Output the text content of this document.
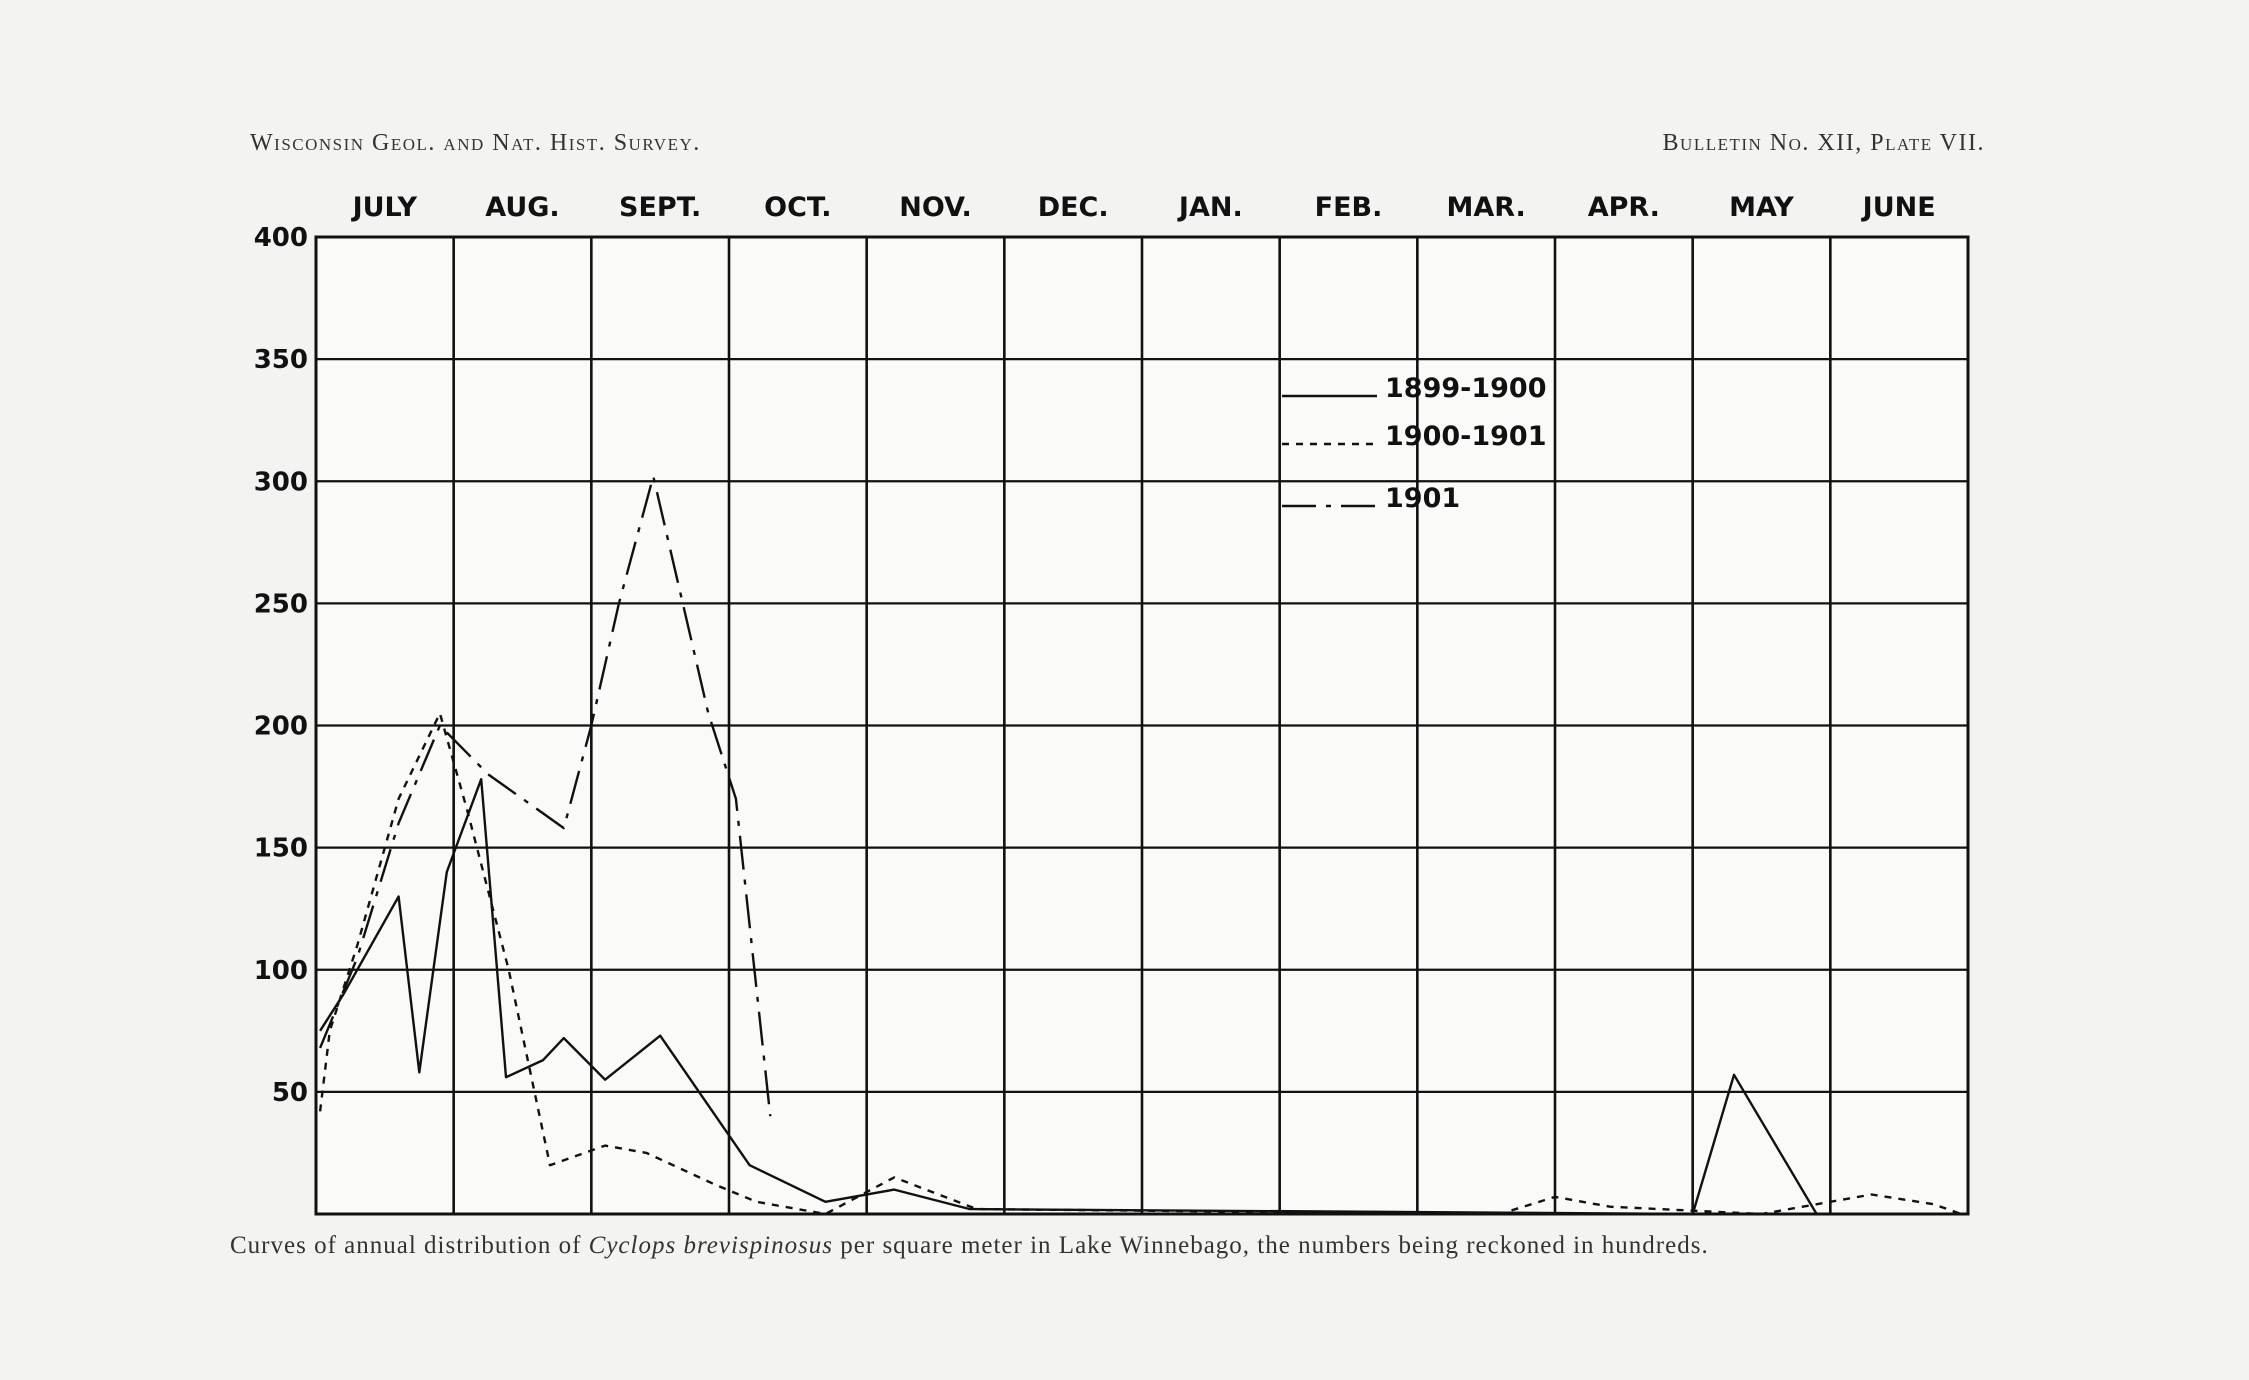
Wisconsin Geol. and Nat. Hist. Survey.	Bulletin No. XII, Plate VII.
50
100
150
200
250
300
350
400
JULY	AUG. SEPT. OCT.	NOV. DEC.	JAN.	FEB. MAR. APR.	MAY	JUNE
1899-1900
1900-1901
1901
Curves of annual distribution of Cyclops brevispinosus per square meter in Lake Winnebago, the numbers being reckoned in hundreds.
